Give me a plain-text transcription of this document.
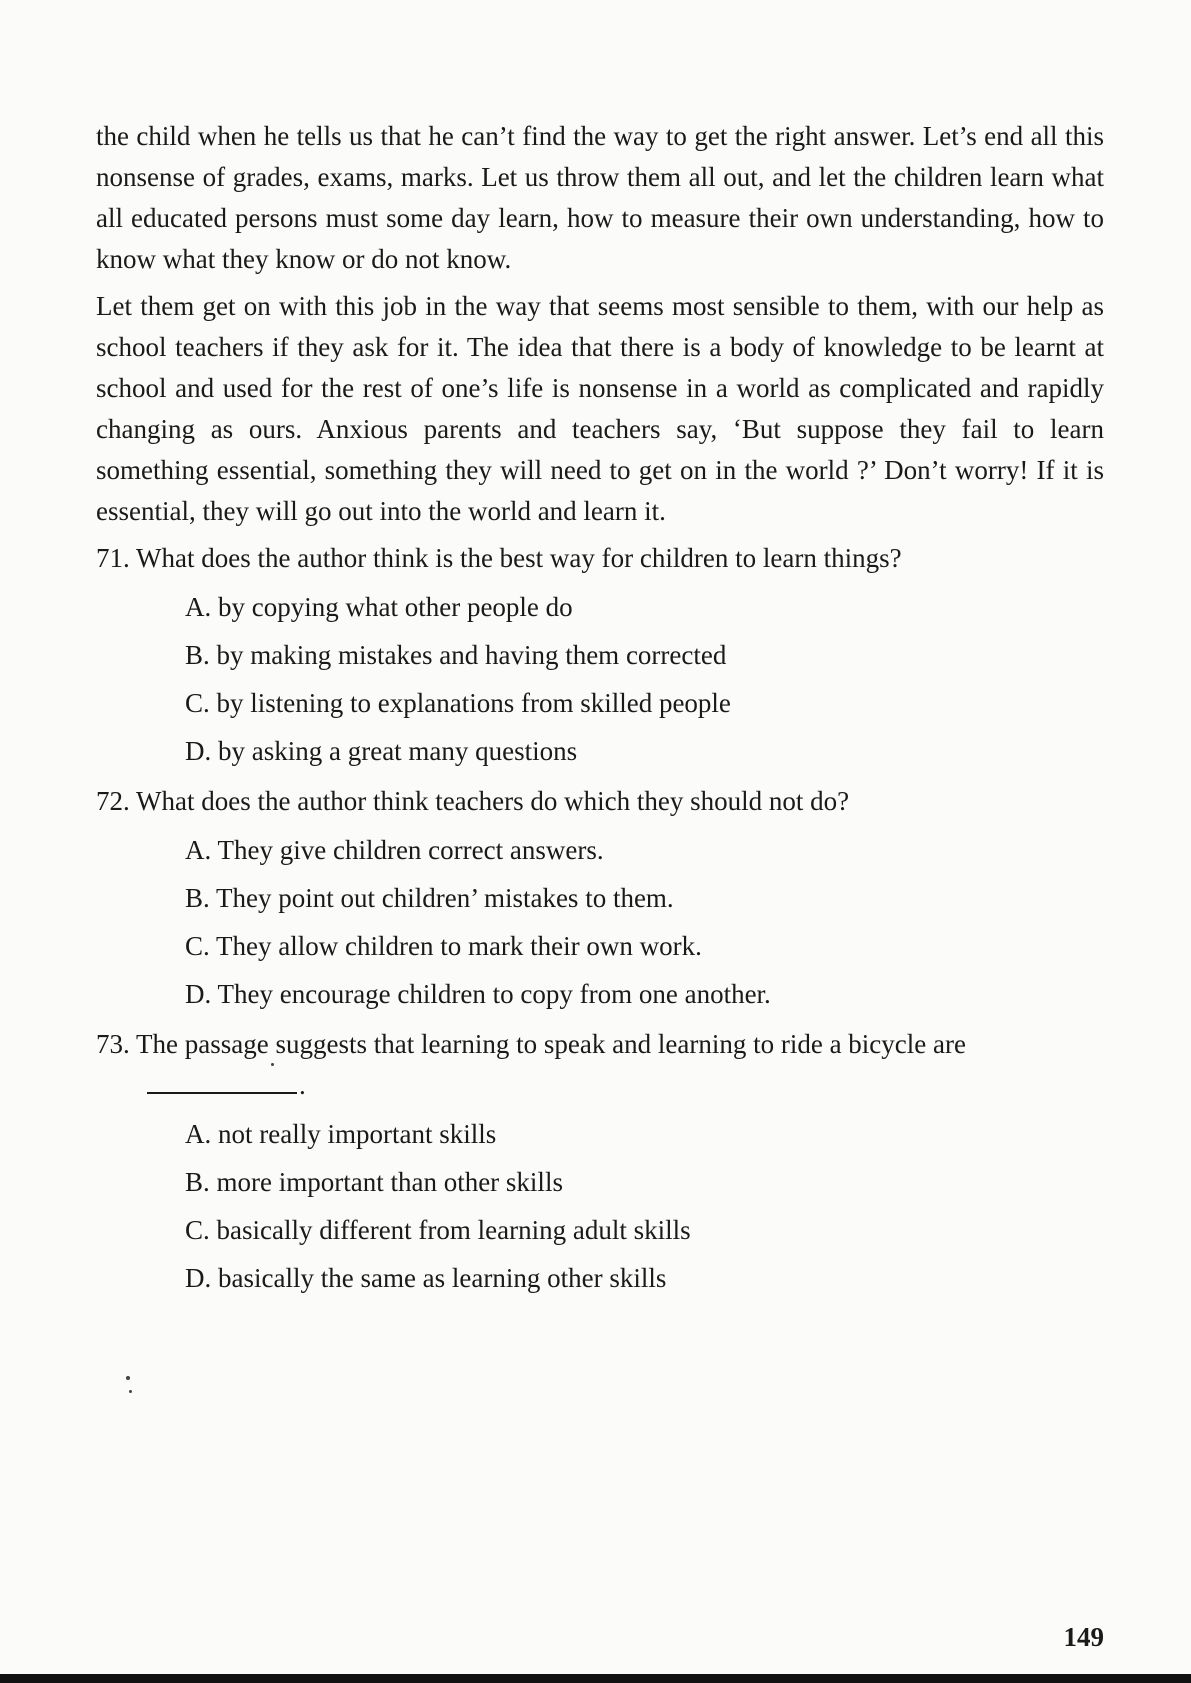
the child when he tells us that he can’t find the way to get the right answer. Let’s end all this nonsense of grades, exams, marks. Let us throw them all out, and let the children learn what all educated persons must some day learn, how to measure their own understanding, how to know what they know or do not know.

Let them get on with this job in the way that seems most sensible to them, with our help as school teachers if they ask for it. The idea that there is a body of knowledge to be learnt at school and used for the rest of one’s life is nonsense in a world as complicated and rapidly changing as ours. Anxious parents and teachers say, ‘But suppose they fail to learn something essential, something they will need to get on in the world ?’ Don’t worry! If it is essential, they will go out into the world and learn it.

71. What does the author think is the best way for children to learn things?

A. by copying what other people do
B. by making mistakes and having them corrected
C. by listening to explanations from skilled people
D. by asking a great many questions

72. What does the author think teachers do which they should not do?

A. They give children correct answers.
B. They point out children’ mistakes to them.
C. They allow children to mark their own work.
D. They encourage children to copy from one another.

73. The passage suggests that learning to speak and learning to ride a bicycle are .

A. not really important skills
B. more important than other skills
C. basically different from learning adult skills
D. basically the same as learning other skills
149
